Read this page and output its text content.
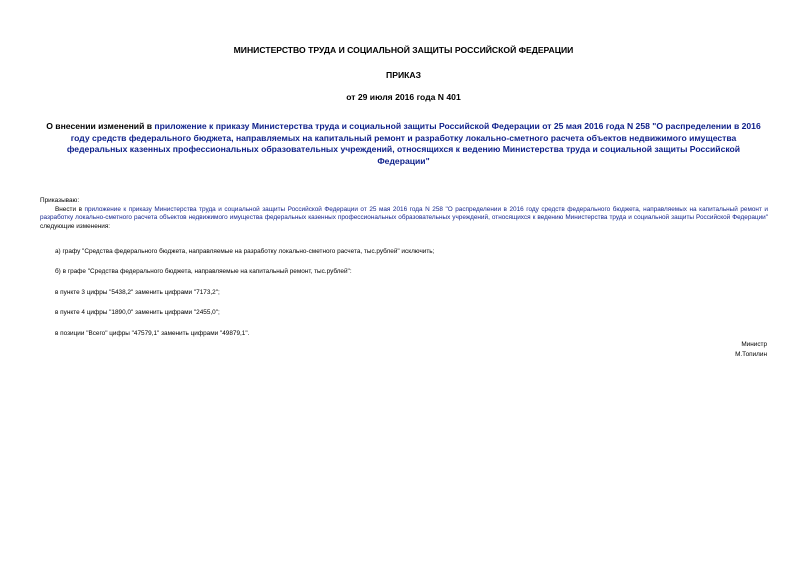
МИНИСТЕРСТВО ТРУДА И СОЦИАЛЬНОЙ ЗАЩИТЫ РОССИЙСКОЙ ФЕДЕРАЦИИ
ПРИКАЗ
от 29 июля 2016 года N 401
О внесении изменений в приложение к приказу Министерства труда и социальной защиты Российской Федерации от 25 мая 2016 года N 258 "О распределении в 2016 году средств федерального бюджета, направляемых на капитальный ремонт и разработку локально-сметного расчета объектов недвижимого имущества федеральных казенных профессиональных образовательных учреждений, относящихся к ведению Министерства труда и социальной защиты Российской Федерации"
Приказываю:
Внести в приложение к приказу Министерства труда и социальной защиты Российской Федерации от 25 мая 2016 года N 258 "О распределении в 2016 году средств федерального бюджета, направляемых на капитальный ремонт и разработку локально-сметного расчета объектов недвижимого имущества федеральных казенных профессиональных образовательных учреждений, относящихся к ведению Министерства труда и социальной защиты Российской Федерации" следующие изменения:
а) графу "Средства федерального бюджета, направляемые на разработку локально-сметного расчета, тыс.рублей" исключить;
б) в графе "Средства федерального бюджета, направляемые на капитальный ремонт, тыс.рублей":
в пункте 3 цифры "5438,2" заменить цифрами "7173,2";
в пункте 4 цифры "1890,0" заменить цифрами "2455,0";
в позиции "Всего" цифры "47579,1" заменить цифрами "49879,1".
Министр
М.Топилин
